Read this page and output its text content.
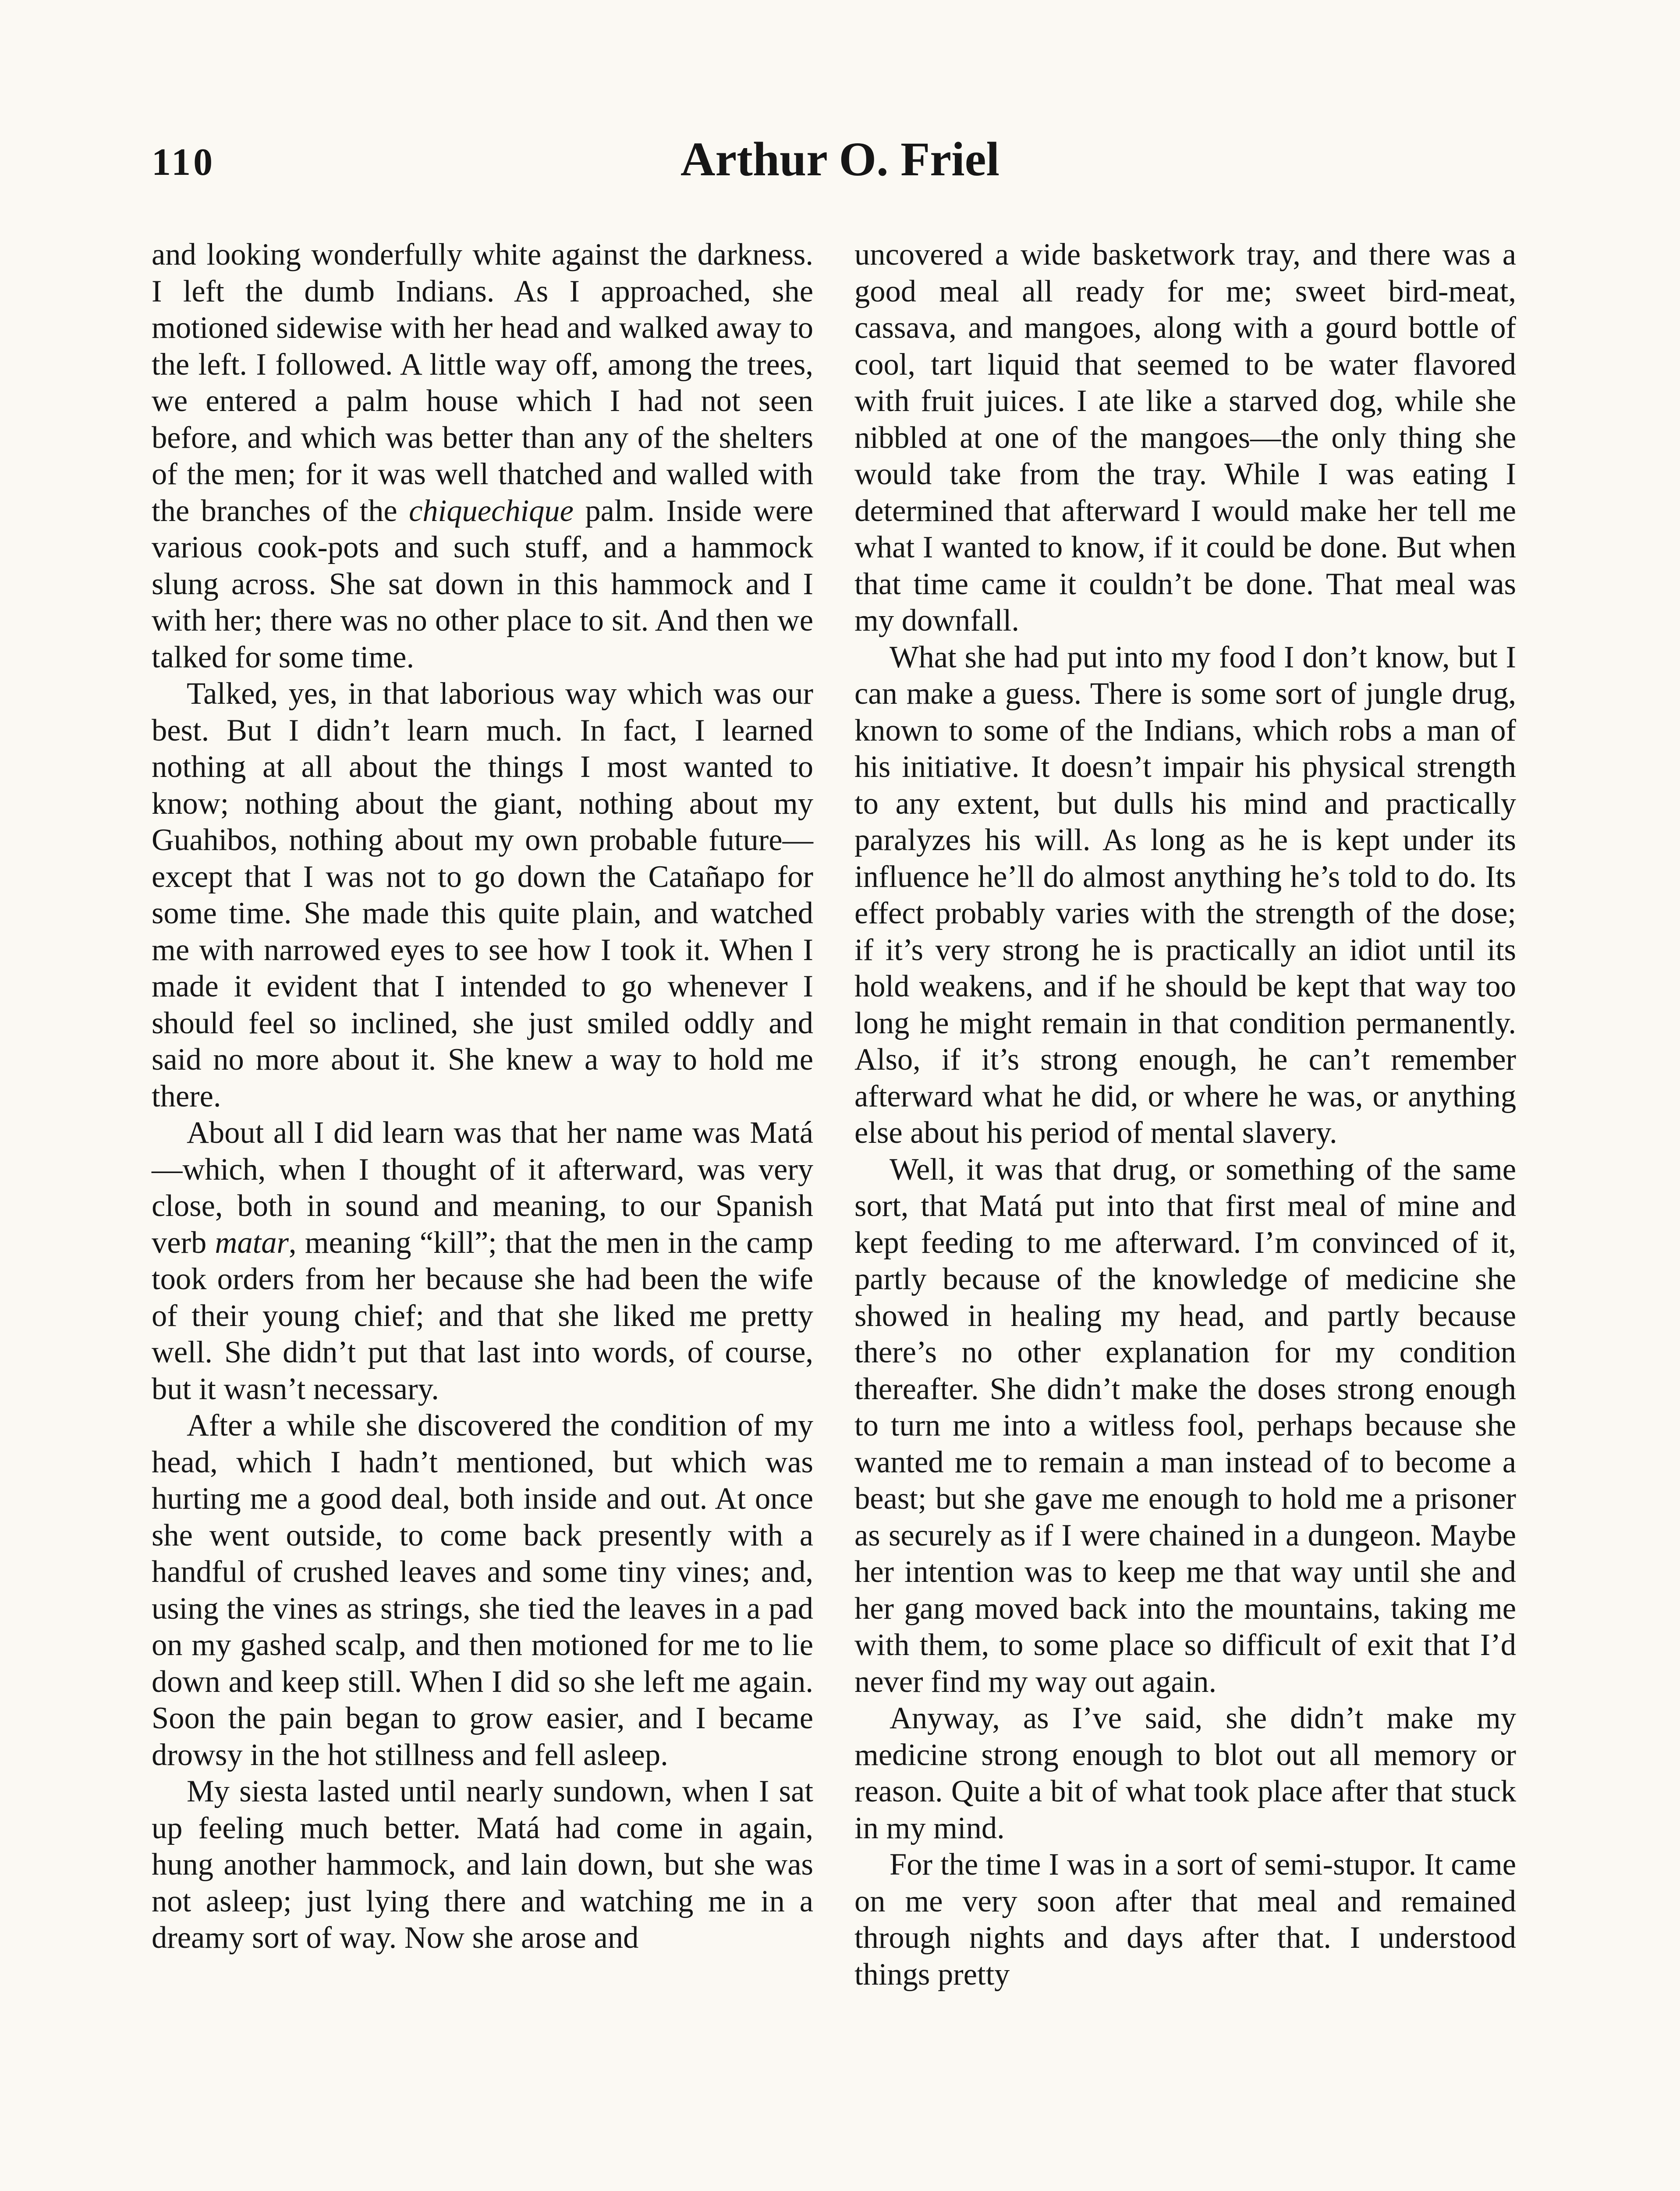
110	Arthur O. Friel

and looking wonderfully white against the darkness. I left the dumb Indians. As I approached, she motioned sidewise with her head and walked away to the left. I followed. A little way off, among the trees, we entered a palm house which I had not seen before, and which was better than any of the shelters of the men; for it was well thatched and walled with the branches of the chiquechique palm. Inside were various cook-pots and such stuff, and a hammock slung across. She sat down in this hammock and I with her; there was no other place to sit. And then we talked for some time.

Talked, yes, in that laborious way which was our best. But I didn’t learn much. In fact, I learned nothing at all about the things I most wanted to know; nothing about the giant, nothing about my Guahibos, nothing about my own probable future—except that I was not to go down the Catañapo for some time. She made this quite plain, and watched me with narrowed eyes to see how I took it. When I made it evident that I intended to go whenever I should feel so inclined, she just smiled oddly and said no more about it. She knew a way to hold me there.

About all I did learn was that her name was Matá—which, when I thought of it afterward, was very close, both in sound and meaning, to our Spanish verb matar, meaning “kill”; that the men in the camp took orders from her because she had been the wife of their young chief; and that she liked me pretty well. She didn’t put that last into words, of course, but it wasn’t necessary.

After a while she discovered the condition of my head, which I hadn’t mentioned, but which was hurting me a good deal, both inside and out. At once she went outside, to come back presently with a handful of crushed leaves and some tiny vines; and, using the vines as strings, she tied the leaves in a pad on my gashed scalp, and then motioned for me to lie down and keep still. When I did so she left me again. Soon the pain began to grow easier, and I became drowsy in the hot stillness and fell asleep.

My siesta lasted until nearly sundown, when I sat up feeling much better. Matá had come in again, hung another hammock, and lain down, but she was not asleep; just lying there and watching me in a dreamy sort of way. Now she arose and

uncovered a wide basketwork tray, and there was a good meal all ready for me; sweet bird-meat, cassava, and mangoes, along with a gourd bottle of cool, tart liquid that seemed to be water flavored with fruit juices. I ate like a starved dog, while she nibbled at one of the mangoes—the only thing she would take from the tray. While I was eating I determined that afterward I would make her tell me what I wanted to know, if it could be done. But when that time came it couldn’t be done. That meal was my downfall.

What she had put into my food I don’t know, but I can make a guess. There is some sort of jungle drug, known to some of the Indians, which robs a man of his initiative. It doesn’t impair his physical strength to any extent, but dulls his mind and practically paralyzes his will. As long as he is kept under its influence he’ll do almost anything he’s told to do. Its effect probably varies with the strength of the dose; if it’s very strong he is practically an idiot until its hold weakens, and if he should be kept that way too long he might remain in that condition permanently. Also, if it’s strong enough, he can’t remember afterward what he did, or where he was, or anything else about his period of mental slavery.

Well, it was that drug, or something of the same sort, that Matá put into that first meal of mine and kept feeding to me afterward. I’m convinced of it, partly because of the knowledge of medicine she showed in healing my head, and partly because there’s no other explanation for my condition thereafter. She didn’t make the doses strong enough to turn me into a witless fool, perhaps because she wanted me to remain a man instead of to become a beast; but she gave me enough to hold me a prisoner as securely as if I were chained in a dungeon. Maybe her intention was to keep me that way until she and her gang moved back into the mountains, taking me with them, to some place so difficult of exit that I’d never find my way out again.

Anyway, as I’ve said, she didn’t make my medicine strong enough to blot out all memory or reason. Quite a bit of what took place after that stuck in my mind.

For the time I was in a sort of semi-stupor. It came on me very soon after that meal and remained through nights and days after that. I understood things pretty
